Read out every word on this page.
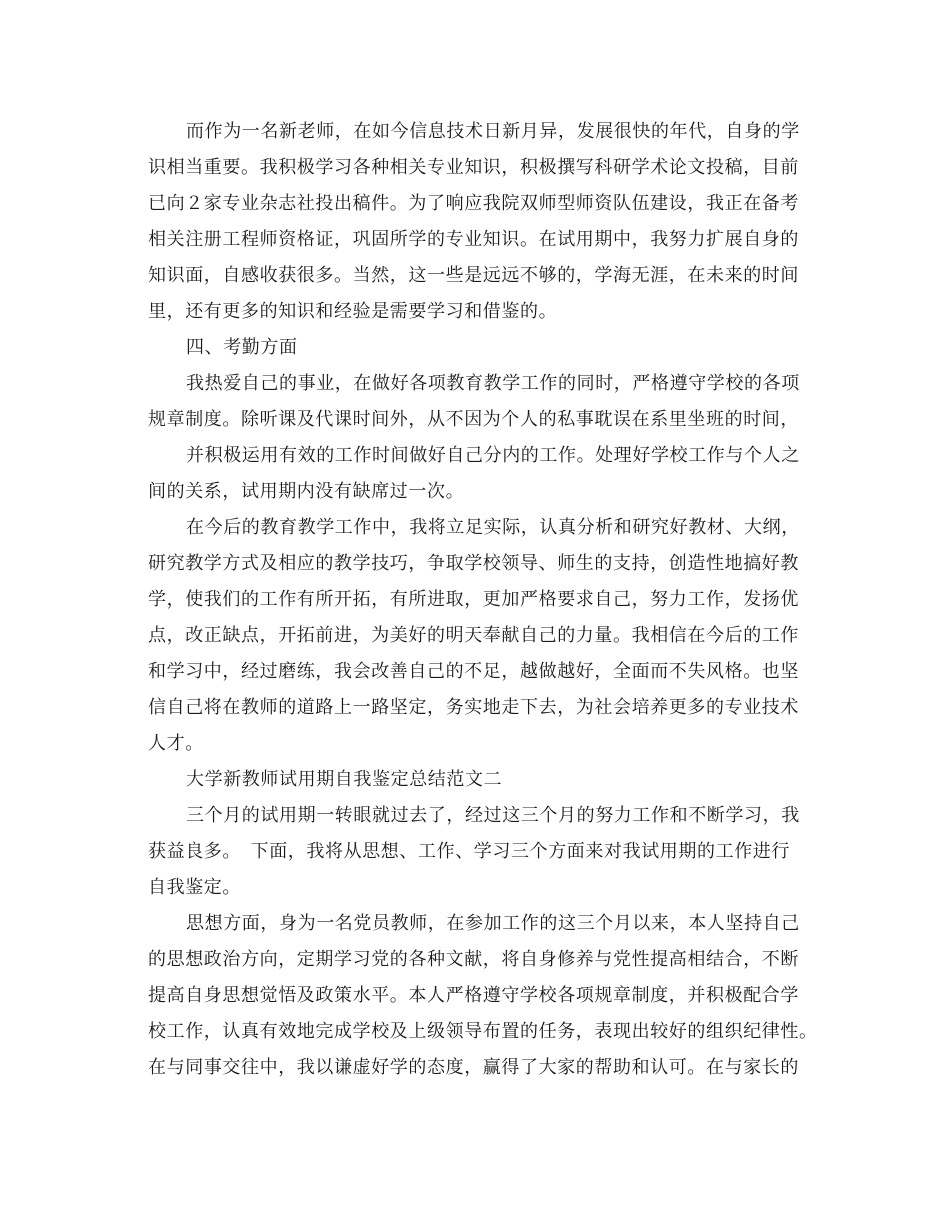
而作为一名新老师，在如今信息技术日新月异，发展很快的年代，自身的学
识相当重要。我积极学习各种相关专业知识，积极撰写科研学术论文投稿，目前
已向２家专业杂志社投出稿件。为了响应我院双师型师资队伍建设，我正在备考
相关注册工程师资格证，巩固所学的专业知识。在试用期中，我努力扩展自身的
知识面，自感收获很多。当然，这一些是远远不够的，学海无涯，在未来的时间
里，还有更多的知识和经验是需要学习和借鉴的。
四、考勤方面
我热爱自己的事业，在做好各项教育教学工作的同时，严格遵守学校的各项
规章制度。除听课及代课时间外，从不因为个人的私事耽误在系里坐班的时间，
并积极运用有效的工作时间做好自己分内的工作。处理好学校工作与个人之
间的关系，试用期内没有缺席过一次。
在今后的教育教学工作中，我将立足实际，认真分析和研究好教材、大纲，
研究教学方式及相应的教学技巧，争取学校领导、师生的支持，创造性地搞好教
学，使我们的工作有所开拓，有所进取，更加严格要求自己，努力工作，发扬优
点，改正缺点，开拓前进，为美好的明天奉献自己的力量。我相信在今后的工作
和学习中，经过磨练，我会改善自己的不足，越做越好，全面而不失风格。也坚
信自己将在教师的道路上一路坚定，务实地走下去，为社会培养更多的专业技术
人才。
大学新教师试用期自我鉴定总结范文二
三个月的试用期一转眼就过去了，经过这三个月的努力工作和不断学习，我
获益良多。　下面，我将从思想、工作、学习三个方面来对我试用期的工作进行
自我鉴定。
思想方面，身为一名党员教师，在参加工作的这三个月以来，本人坚持自己
的思想政治方向，定期学习党的各种文献，将自身修养与党性提高相结合，不断
提高自身思想觉悟及政策水平。本人严格遵守学校各项规章制度，并积极配合学
校工作，认真有效地完成学校及上级领导布置的任务，表现出较好的组织纪律性。
在与同事交往中，我以谦虚好学的态度，赢得了大家的帮助和认可。在与家长的
